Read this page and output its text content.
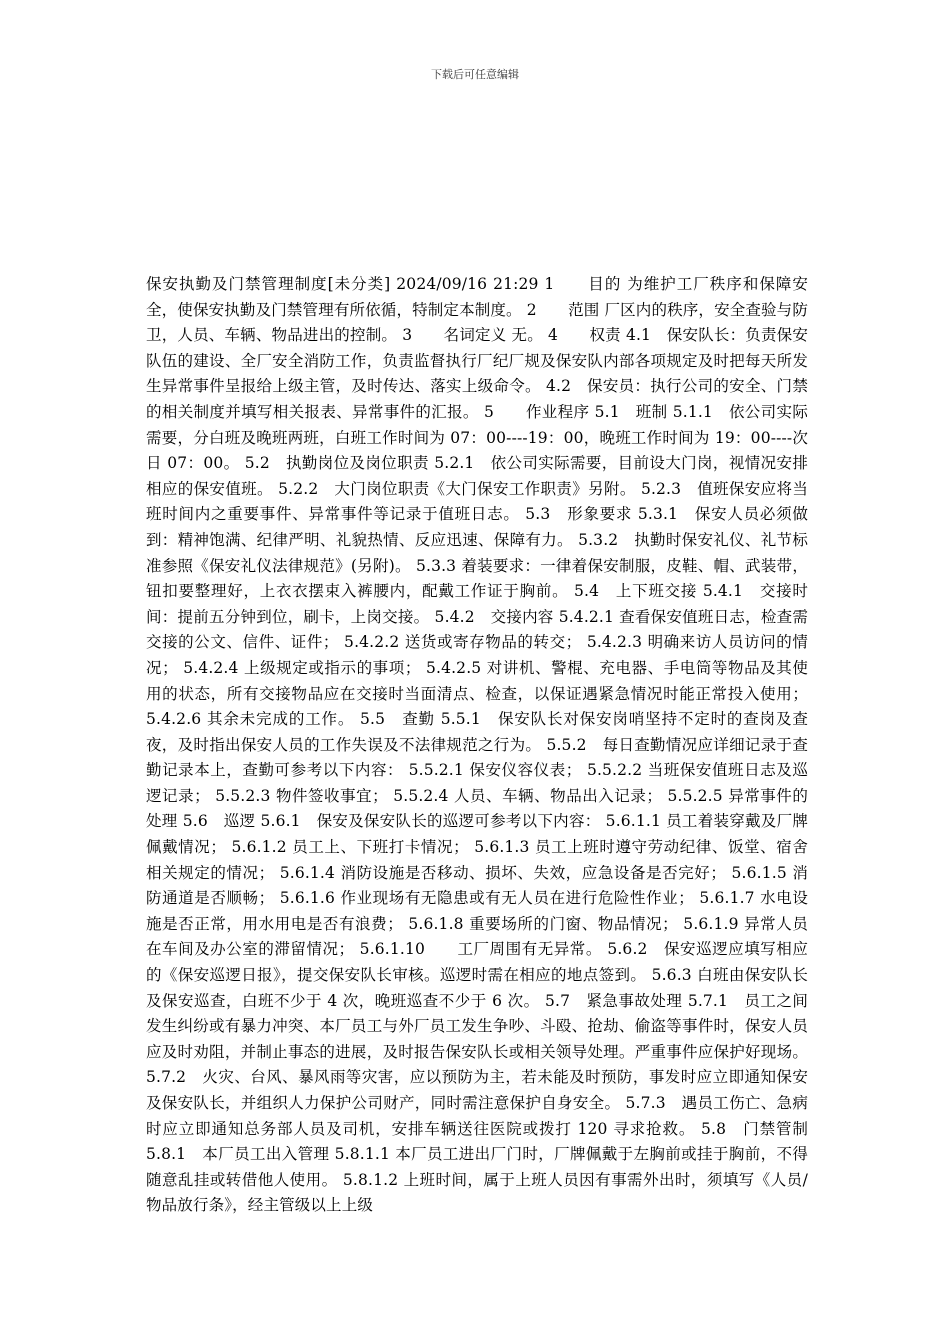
下载后可任意编辑

保安执勤及门禁管理制度[未分类] 2024/09/16 21:29 1　　目的 为维护工厂秩序和保障安全，使保安执勤及门禁管理有所依循，特制定本制度。 2　　范围 厂区内的秩序，安全查验与防卫，人员、车辆、物品进出的控制。 3　　名词定义 无。 4　　权责 4.1　保安队长：负责保安队伍的建设、全厂安全消防工作，负责监督执行厂纪厂规及保安队内部各项规定及时把每天所发生异常事件呈报给上级主管，及时传达、落实上级命令。 4.2　保安员：执行公司的安全、门禁的相关制度并填写相关报表、异常事件的汇报。 5　　作业程序 5.1　班制 5.1.1　依公司实际需要，分白班及晚班两班，白班工作时间为 07：00----19：00，晚班工作时间为 19：00----次日 07：00。 5.2　执勤岗位及岗位职责 5.2.1　依公司实际需要，目前设大门岗，视情况安排相应的保安值班。 5.2.2　大门岗位职责《大门保安工作职责》另附。 5.2.3　值班保安应将当班时间内之重要事件、异常事件等记录于值班日志。 5.3　形象要求 5.3.1　保安人员必须做到：精神饱满、纪律严明、礼貌热情、反应迅速、保障有力。 5.3.2　执勤时保安礼仪、礼节标准参照《保安礼仪法律规范》(另附)。 5.3.3 着装要求：一律着保安制服，皮鞋、帽、武装带，钮扣要整理好，上衣衣摆束入裤腰内，配戴工作证于胸前。 5.4　上下班交接 5.4.1　交接时间：提前五分钟到位，刷卡，上岗交接。 5.4.2　交接内容 5.4.2.1 查看保安值班日志，检查需交接的公文、信件、证件； 5.4.2.2 送货或寄存物品的转交； 5.4.2.3 明确来访人员访问的情况； 5.4.2.4 上级规定或指示的事项； 5.4.2.5 对讲机、警棍、充电器、手电筒等物品及其使用的状态，所有交接物品应在交接时当面清点、检查，以保证遇紧急情况时能正常投入使用； 5.4.2.6 其余未完成的工作。 5.5　查勤 5.5.1　保安队长对保安岗哨坚持不定时的查岗及查夜，及时指出保安人员的工作失误及不法律规范之行为。 5.5.2　每日查勤情况应详细记录于查勤记录本上，查勤可参考以下内容： 5.5.2.1 保安仪容仪表； 5.5.2.2 当班保安值班日志及巡逻记录； 5.5.2.3 物件签收事宜； 5.5.2.4 人员、车辆、物品出入记录； 5.5.2.5 异常事件的处理 5.6　巡逻 5.6.1　保安及保安队长的巡逻可参考以下内容： 5.6.1.1 员工着装穿戴及厂牌佩戴情况； 5.6.1.2 员工上、下班打卡情况； 5.6.1.3 员工上班时遵守劳动纪律、饭堂、宿舍相关规定的情况； 5.6.1.4 消防设施是否移动、损坏、失效，应急设备是否完好； 5.6.1.5 消防通道是否顺畅； 5.6.1.6 作业现场有无隐患或有无人员在进行危险性作业； 5.6.1.7 水电设施是否正常，用水用电是否有浪费； 5.6.1.8 重要场所的门窗、物品情况； 5.6.1.9 异常人员在车间及办公室的滞留情况； 5.6.1.10　　工厂周围有无异常。 5.6.2　保安巡逻应填写相应的《保安巡逻日报》，提交保安队长审核。巡逻时需在相应的地点签到。 5.6.3 白班由保安队长及保安巡查，白班不少于 4 次，晚班巡查不少于 6 次。 5.7　紧急事故处理 5.7.1　员工之间发生纠纷或有暴力冲突、本厂员工与外厂员工发生争吵、斗殴、抢劫、偷盗等事件时，保安人员应及时劝阻，并制止事态的进展，及时报告保安队长或相关领导处理。严重事件应保护好现场。 5.7.2　火灾、台风、暴风雨等灾害，应以预防为主，若未能及时预防，事发时应立即通知保安及保安队长，并组织人力保护公司财产，同时需注意保护自身安全。 5.7.3　遇员工伤亡、急病时应立即通知总务部人员及司机，安排车辆送往医院或拨打 120 寻求抢救。 5.8　门禁管制 5.8.1　本厂员工出入管理 5.8.1.1 本厂员工进出厂门时，厂牌佩戴于左胸前或挂于胸前，不得随意乱挂或转借他人使用。 5.8.1.2 上班时间，属于上班人员因有事需外出时，须填写《人员/物品放行条》，经主管级以上上级
